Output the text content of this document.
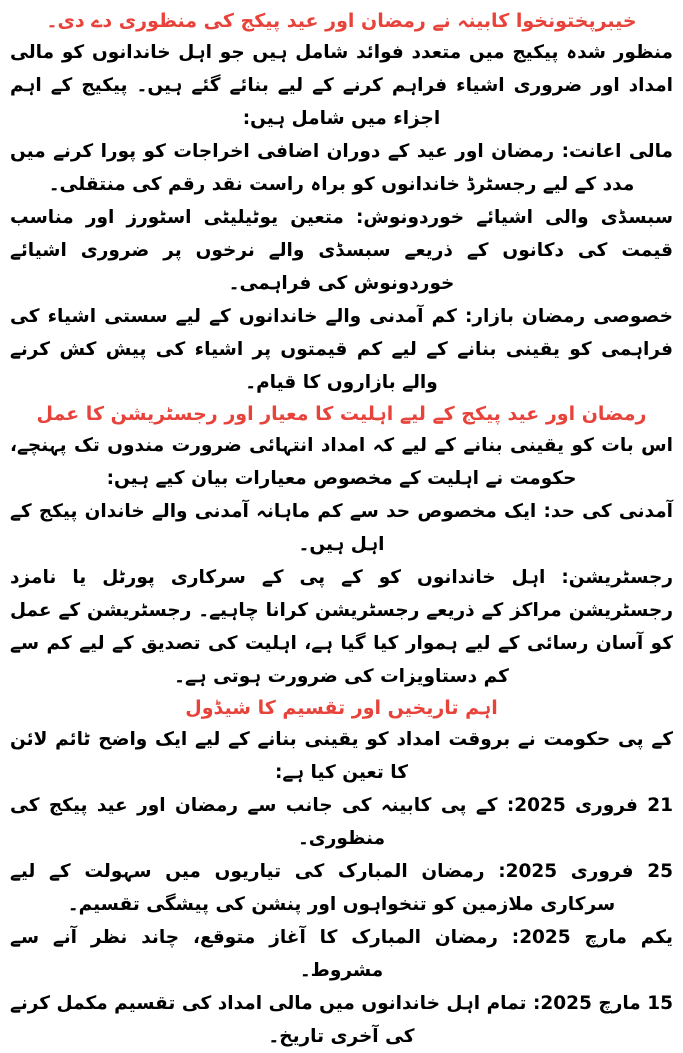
خیبرپختونخوا کابینہ نے رمضان اور عید پیکج کی منظوری دے دی۔

منظور شدہ پیکیج میں متعدد فوائد شامل ہیں جو اہل خاندانوں کو مالی امداد اور ضروری اشیاء فراہم کرنے کے لیے بنائے گئے ہیں۔ پیکیج کے اہم اجزاء میں شامل ہیں:

مالی اعانت: رمضان اور عید کے دوران اضافی اخراجات کو پورا کرنے میں مدد کے لیے رجسٹرڈ خاندانوں کو براہ راست نقد رقم کی منتقلی۔

سبسڈی والی اشیائے خوردونوش: متعین یوٹیلیٹی اسٹورز اور مناسب قیمت کی دکانوں کے ذریعے سبسڈی والے نرخوں پر ضروری اشیائے خوردونوش کی فراہمی۔

خصوصی رمضان بازار: کم آمدنی والے خاندانوں کے لیے سستی اشیاء کی فراہمی کو یقینی بنانے کے لیے کم قیمتوں پر اشیاء کی پیش کش کرنے والے بازاروں کا قیام۔

رمضان اور عید پیکج کے لیے اہلیت کا معیار اور رجسٹریشن کا عمل

اس بات کو یقینی بنانے کے لیے کہ امداد انتہائی ضرورت مندوں تک پہنچے، حکومت نے اہلیت کے مخصوص معیارات بیان کیے ہیں:

آمدنی کی حد: ایک مخصوص حد سے کم ماہانہ آمدنی والے خاندان پیکج کے اہل ہیں۔

رجسٹریشن: اہل خاندانوں کو کے پی کے سرکاری پورٹل یا نامزد رجسٹریشن مراکز کے ذریعے رجسٹریشن کرانا چاہیے۔ رجسٹریشن کے عمل کو آسان رسائی کے لیے ہموار کیا گیا ہے، اہلیت کی تصدیق کے لیے کم سے کم دستاویزات کی ضرورت ہوتی ہے۔

اہم تاریخیں اور تقسیم کا شیڈول

کے پی حکومت نے بروقت امداد کو یقینی بنانے کے لیے ایک واضح ٹائم لائن کا تعین کیا ہے:

21 فروری 2025: کے پی کابینہ کی جانب سے رمضان اور عید پیکج کی منظوری۔

25 فروری 2025: رمضان المبارک کی تیاریوں میں سہولت کے لیے سرکاری ملازمین کو تنخواہوں اور پنشن کی پیشگی تقسیم۔

یکم مارچ 2025: رمضان المبارک کا آغاز متوقع، چاند نظر آنے سے مشروط۔

15 مارچ 2025: تمام اہل خاندانوں میں مالی امداد کی تقسیم مکمل کرنے کی آخری تاریخ۔
